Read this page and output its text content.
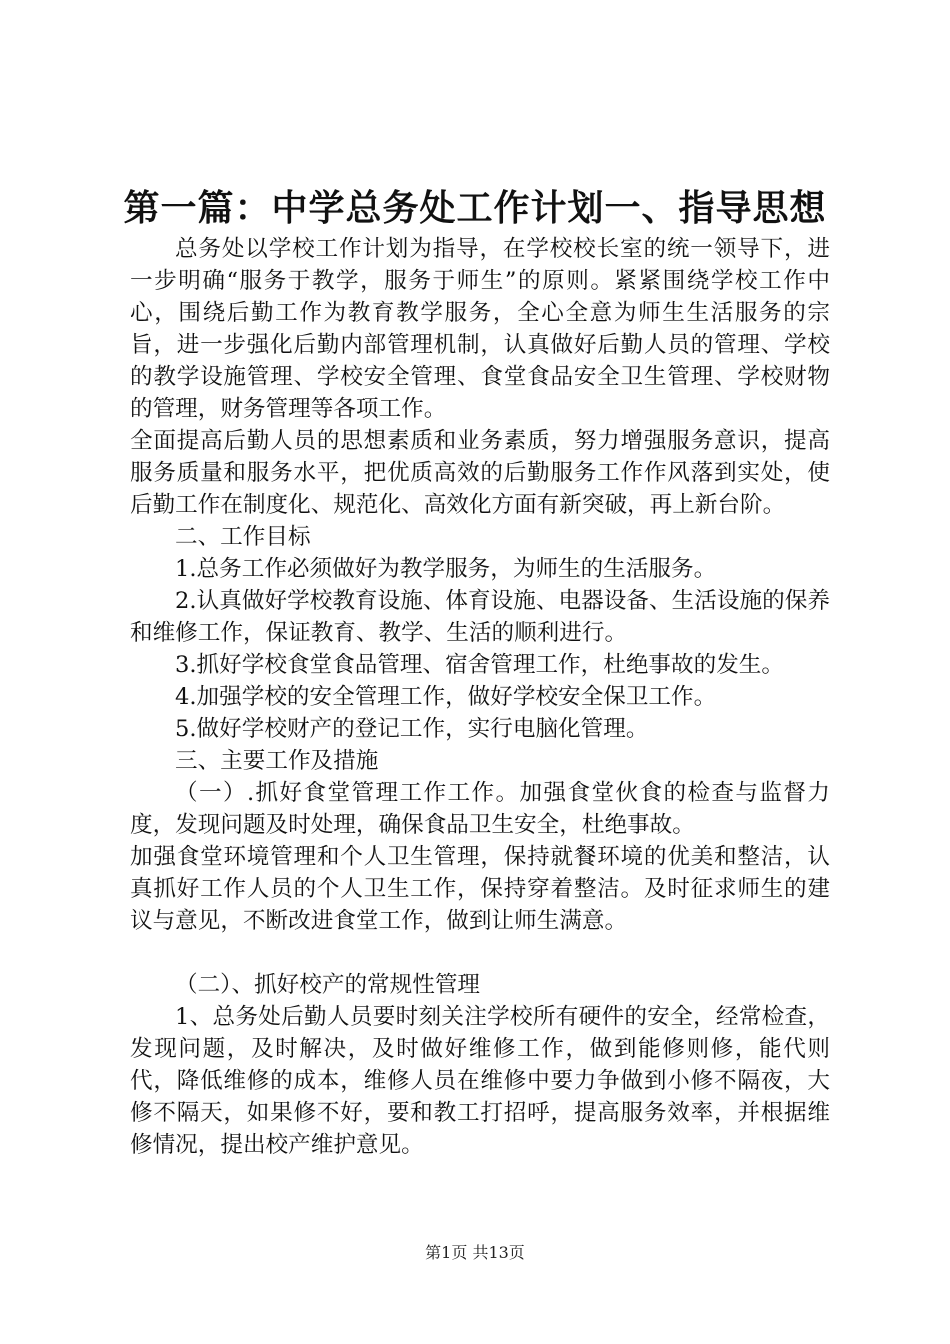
第一篇：中学总务处工作计划一、指导思想

总务处以学校工作计划为指导，在学校校长室的统一领导下，进一步明确“服务于教学，服务于师生”的原则。紧紧围绕学校工作中心，围绕后勤工作为教育教学服务，全心全意为师生生活服务的宗旨，进一步强化后勤内部管理机制，认真做好后勤人员的管理、学校的教学设施管理、学校安全管理、食堂食品安全卫生管理、学校财物的管理，财务管理等各项工作。

全面提高后勤人员的思想素质和业务素质，努力增强服务意识，提高服务质量和服务水平，把优质高效的后勤服务工作作风落到实处，使后勤工作在制度化、规范化、高效化方面有新突破，再上新台阶。

二、工作目标

1.总务工作必须做好为教学服务，为师生的生活服务。

2.认真做好学校教育设施、体育设施、电器设备、生活设施的保养和维修工作，保证教育、教学、生活的顺利进行。

3.抓好学校食堂食品管理、宿舍管理工作，杜绝事故的发生。

4.加强学校的安全管理工作，做好学校安全保卫工作。

5.做好学校财产的登记工作，实行电脑化管理。

三、主要工作及措施

（一）.抓好食堂管理工作工作。加强食堂伙食的检查与监督力度，发现问题及时处理，确保食品卫生安全，杜绝事故。

加强食堂环境管理和个人卫生管理，保持就餐环境的优美和整洁，认真抓好工作人员的个人卫生工作，保持穿着整洁。及时征求师生的建议与意见，不断改进食堂工作，做到让师生满意。

（二）、抓好校产的常规性管理

1、总务处后勤人员要时刻关注学校所有硬件的安全，经常检查，发现问题，及时解决，及时做好维修工作，做到能修则修，能代则代，降低维修的成本，维修人员在维修中要力争做到小修不隔夜，大修不隔天，如果修不好，要和教工打招呼，提高服务效率，并根据维修情况，提出校产维护意见。

第1页 共13页
